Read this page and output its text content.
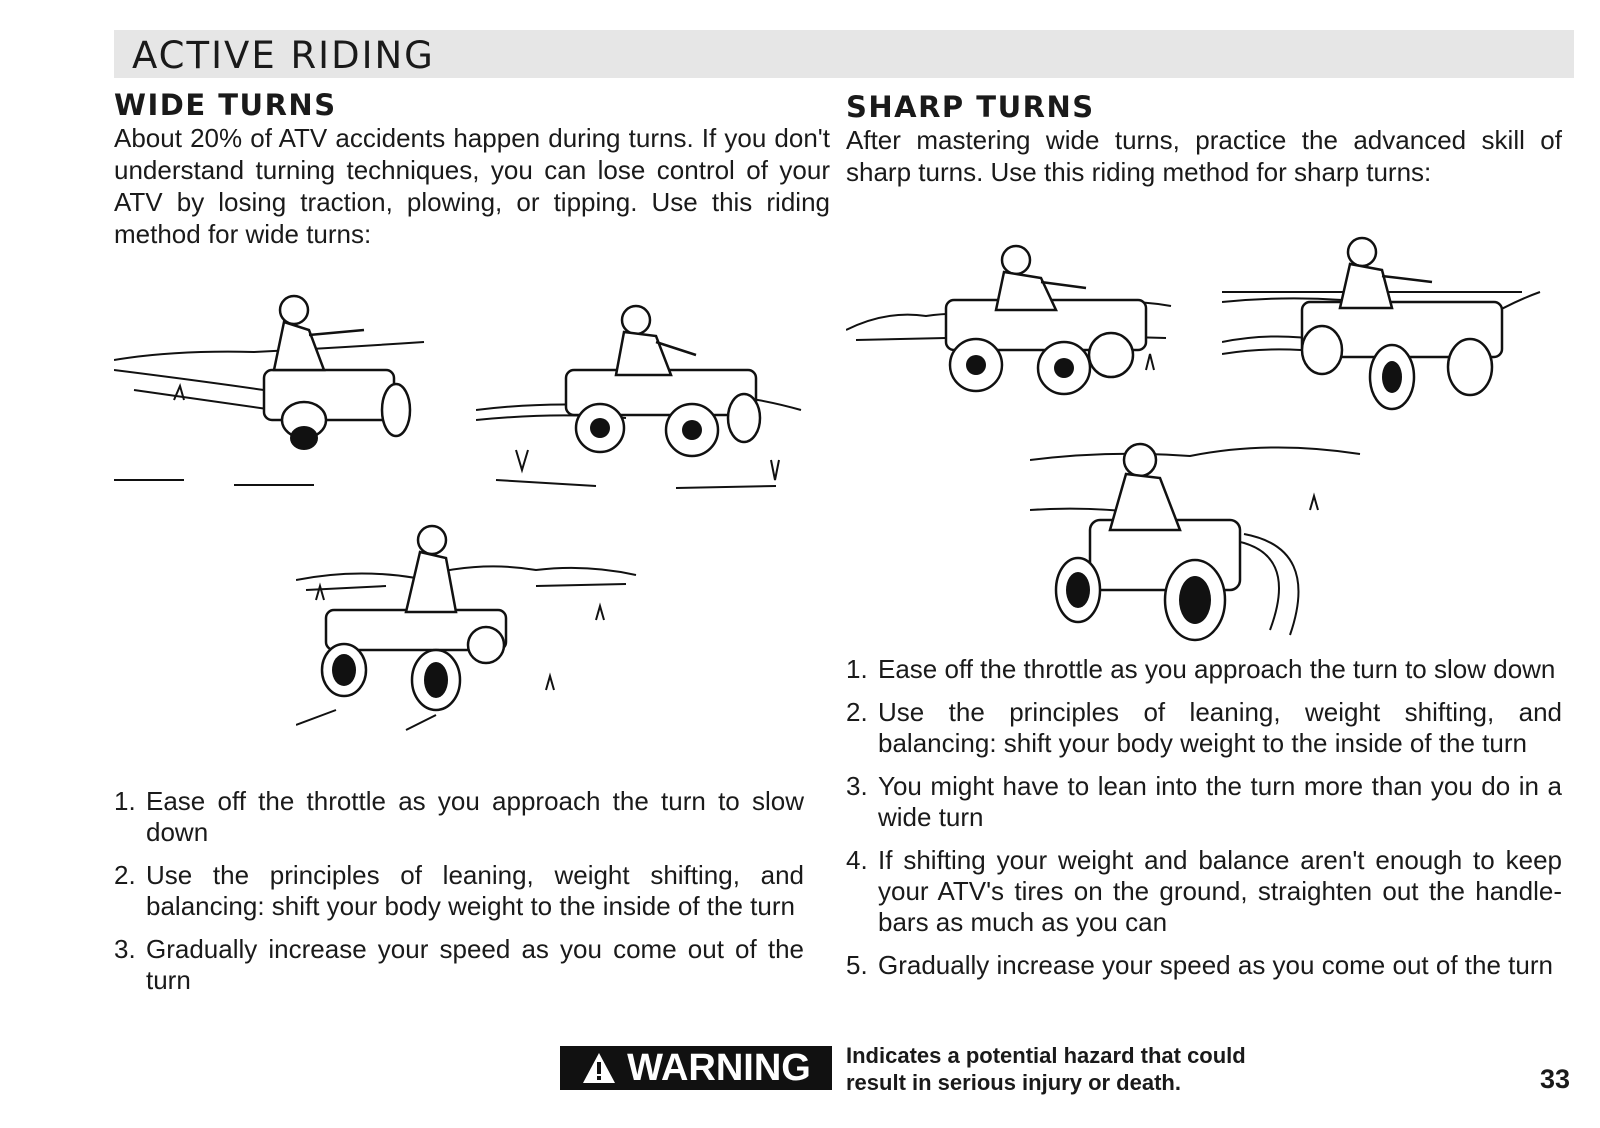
ACTIVE RIDING
WIDE TURNS

About 20% of ATV accidents happen during turns. If you don't understand turning techniques, you can lose control of your ATV by losing traction, plowing, or tipping. Use this riding method for wide turns:

1. Ease off the throttle as you approach the turn to slow down
2. Use the principles of leaning, weight shifting, and balancing: shift your body weight to the inside of the turn
3. Gradually increase your speed as you come out of the turn
SHARP TURNS

After mastering wide turns, practice the advanced skill of sharp turns. Use this riding method for sharp turns:

1. Ease off the throttle as you approach the turn to slow down
2. Use the principles of leaning, weight shifting, and balancing: shift your body weight to the inside of the turn
3. You might have to lean into the turn more than you do in a wide turn
4. If shifting your weight and balance aren't enough to keep your ATV's tires on the ground, straighten out the handle-bars as much as you can
5. Gradually increase your speed as you come out of the turn
WARNING Indicates a potential hazard that could
result in serious injury or death.	33
